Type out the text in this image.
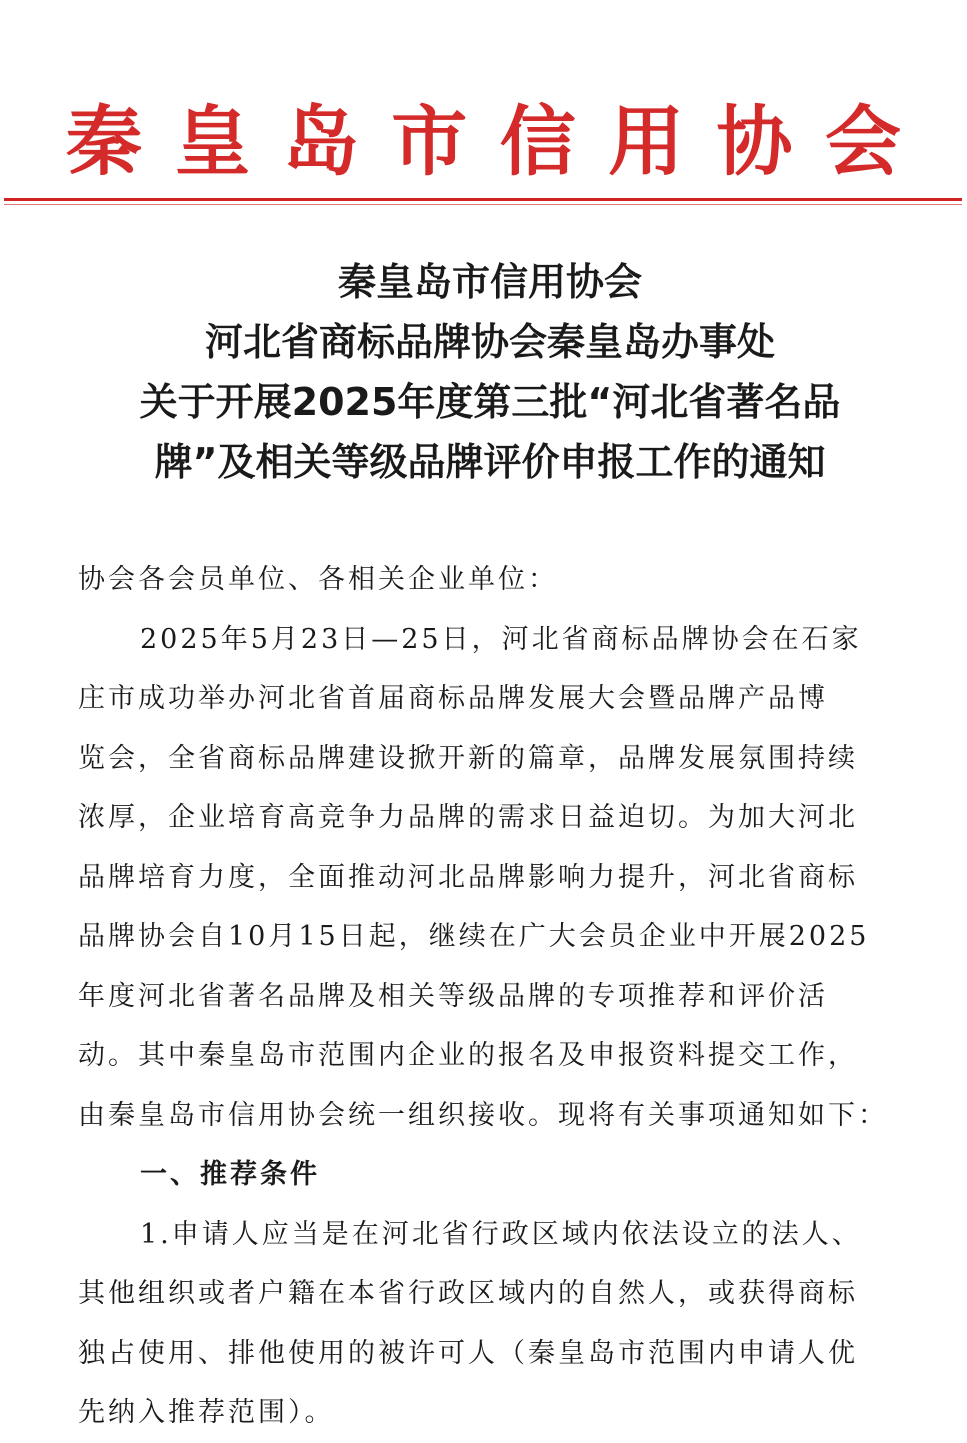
秦 皇 岛 市 信 用 协 会
秦皇岛市信用协会
河北省商标品牌协会秦皇岛办事处
关于开展2025年度第三批“河北省著名品
牌”及相关等级品牌评价申报工作的通知
协会各会员单位、各相关企业单位：
2025年5月23日—25日，河北省商标品牌协会在石家
庄市成功举办河北省首届商标品牌发展大会暨品牌产品博
览会，全省商标品牌建设掀开新的篇章，品牌发展氛围持续
浓厚，企业培育高竞争力品牌的需求日益迫切。为加大河北
品牌培育力度，全面推动河北品牌影响力提升，河北省商标
品牌协会自10月15日起，继续在广大会员企业中开展2025
年度河北省著名品牌及相关等级品牌的专项推荐和评价活
动。其中秦皇岛市范围内企业的报名及申报资料提交工作，
由秦皇岛市信用协会统一组织接收。现将有关事项通知如下：
一、推荐条件
1.申请人应当是在河北省行政区域内依法设立的法人、
其他组织或者户籍在本省行政区域内的自然人，或获得商标
独占使用、排他使用的被许可人（秦皇岛市范围内申请人优
先纳入推荐范围）。
